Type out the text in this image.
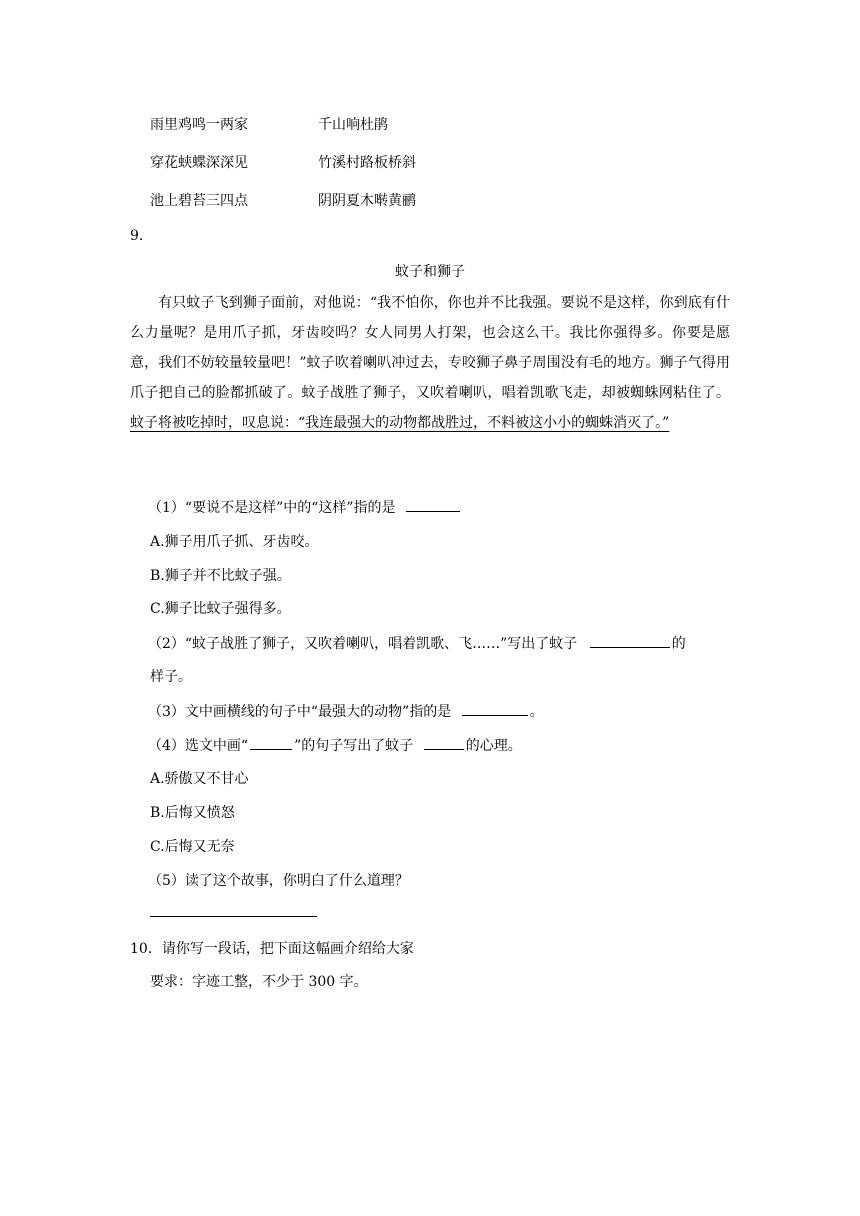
雨里鸡鸣一两家	千山响杜鹃
穿花蛱蝶深深见	竹溪村路板桥斜
池上碧苔三四点	阴阴夏木啭黄鹂
9.
蚊子和狮子
有只蚊子飞到狮子面前，对他说：“我不怕你，你也并不比我强。要说不是这样，你到底有什么力量呢？是用爪子抓，牙齿咬吗？女人同男人打架，也会这么干。我比你强得多。你要是愿意，我们不妨较量较量吧！”蚊子吹着喇叭冲过去，专咬狮子鼻子周围没有毛的地方。狮子气得用爪子把自己的脸都抓破了。蚊子战胜了狮子，又吹着喇叭，唱着凯歌飞走，却被蜘蛛网粘住了。蚊子将被吃掉时，叹息说：“我连最强大的动物都战胜过，不料被这小小的蜘蛛消灭了。”
（1）“要说不是这样”中的“这样”指的是
A.狮子用爪子抓、牙齿咬。
B.狮子并不比蚊子强。
C.狮子比蚊子强得多。
（2）“蚊子战胜了狮子，又吹着喇叭，唱着凯歌、飞……”写出了蚊子	的
样子。
（3）文中画横线的句子中“最强大的动物”指的是	。
（4）选文中画“	”的句子写出了蚊子	的心理。
A.骄傲又不甘心
B.后悔又愤怒
C.后悔又无奈
（5）读了这个故事，你明白了什么道理？
10．请你写一段话，把下面这幅画介绍给大家
要求：字迹工整，不少于 300 字。
